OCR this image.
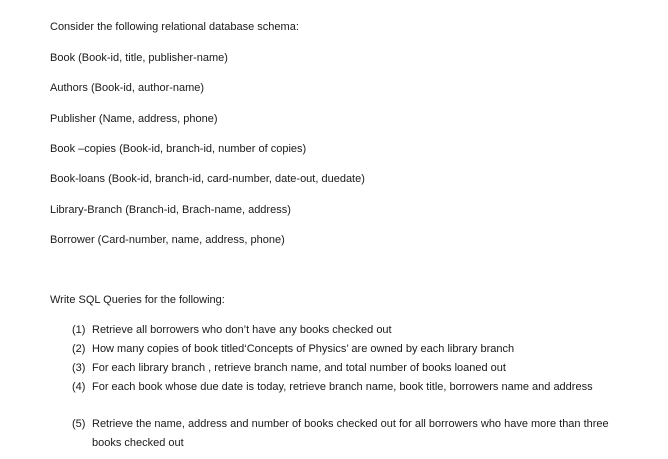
Consider the following relational database schema:
Book (Book-id, title, publisher-name)
Authors (Book-id, author-name)
Publisher (Name, address, phone)
Book –copies (Book-id, branch-id, number of copies)
Book-loans (Book-id, branch-id, card-number, date-out, duedate)
Library-Branch (Branch-id, Brach-name, address)
Borrower (Card-number, name, address, phone)
Write SQL Queries for the following:
(1) Retrieve all borrowers who don’t have any books checked out
(2) How many copies of book titled‘Concepts of Physics’ are owned by each library branch
(3) For each library branch , retrieve branch name, and total number of books loaned out
(4) For each book whose due date is today, retrieve branch name, book title, borrowers name and address
(5) Retrieve the name, address and number of books checked out for all borrowers who have more than three books checked out
